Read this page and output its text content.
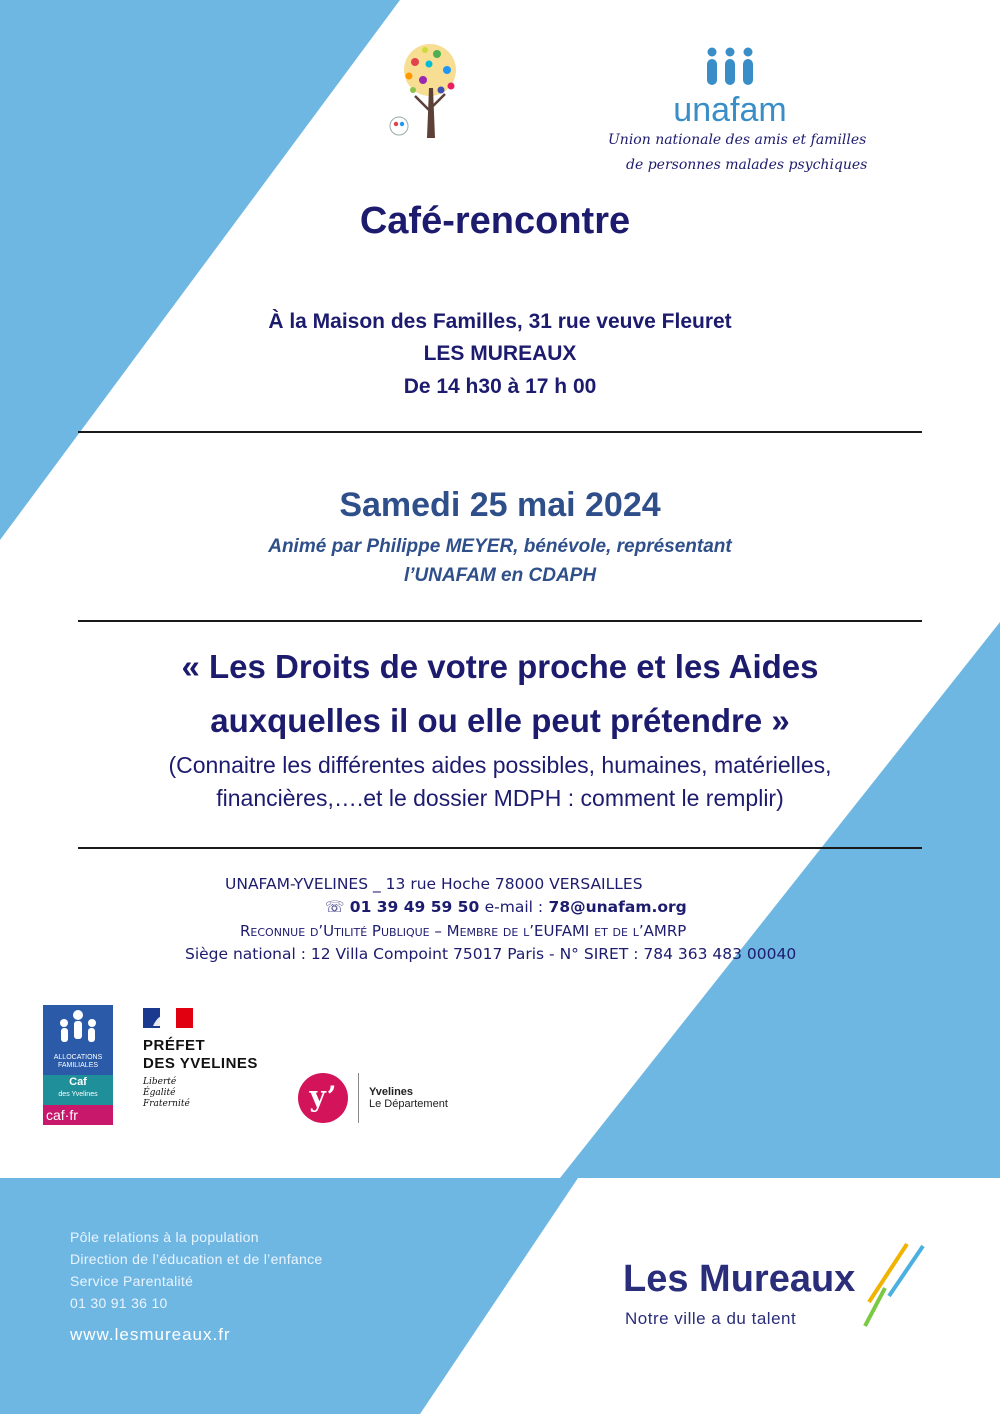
unafam
Union nationale des amis et familles
de personnes malades psychiques
Café-rencontre
À la Maison des Familles, 31 rue veuve Fleuret
LES MUREAUX
De 14 h30 à 17 h 00
Samedi 25 mai 2024
Animé par Philippe MEYER, bénévole, représentant
l’UNAFAM en CDAPH
« Les Droits de votre proche et les Aides
auxquelles il ou elle peut prétendre »
(Connaitre les différentes aides possibles, humaines, matérielles,
financières,….et le dossier MDPH : comment le remplir)
UNAFAM-YVELINES _ 13 rue Hoche 78000 VERSAILLES
☏ 01 39 49 59 50 e-mail : 78@unafam.org
Reconnue d’Utilité Publique – Membre de l’EUFAMI et de l’AMRP
Siège national : 12 Villa Compoint 75017 Paris - N° SIRET : 784 363 483 00040
ALLOCATIONS
FAMILIALES
Caf
des Yvelines
caf·fr
PRÉFET
DES YVELINES
Liberté
Égalité
Fraternité	y’	Yvelines
Le Département
Pôle relations à la population
Direction de l’éducation et de l’enfance
Service Parentalité
01 30 91 36 10
www.lesmureaux.fr
Les Mureaux
Notre ville a du talent
